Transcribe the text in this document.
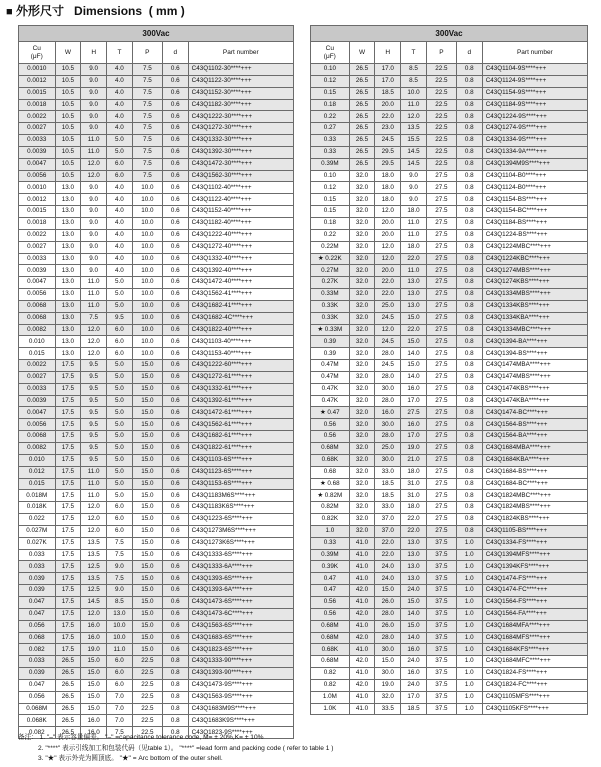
■ 外形尺寸 Dimensions  ( mm )
300Vac						
Cu
(μF)	W	H	T	P	d	Part number
0.0010	10.5	9.0	4.0	7.5	0.6	C43Q1102-30****+++
0.0012	10.5	9.0	4.0	7.5	0.6	C43Q1122-30****+++
0.0015	10.5	9.0	4.0	7.5	0.6	C43Q1152-30****+++
0.0018	10.5	9.0	4.0	7.5	0.6	C43Q1182-30****+++
0.0022	10.5	9.0	4.0	7.5	0.6	C43Q1222-30****+++
0.0027	10.5	9.0	4.0	7.5	0.6	C43Q1272-30****+++
0.0033	10.5	11.0	5.0	7.5	0.6	C43Q1332-30****+++
0.0039	10.5	11.0	5.0	7.5	0.6	C43Q1392-30****+++
0.0047	10.5	12.0	6.0	7.5	0.6	C43Q1472-30****+++
0.0056	10.5	12.0	6.0	7.5	0.6	C43Q1562-30****+++
0.0010	13.0	9.0	4.0	10.0	0.6	C43Q1102-40****+++
0.0012	13.0	9.0	4.0	10.0	0.6	C43Q1122-40****+++
0.0015	13.0	9.0	4.0	10.0	0.6	C43Q1152-40****+++
0.0018	13.0	9.0	4.0	10.0	0.6	C43Q1182-40****+++
0.0022	13.0	9.0	4.0	10.0	0.6	C43Q1222-40****+++
0.0027	13.0	9.0	4.0	10.0	0.6	C43Q1272-40****+++
0.0033	13.0	9.0	4.0	10.0	0.6	C43Q1332-40****+++
0.0039	13.0	9.0	4.0	10.0	0.6	C43Q1392-40****+++
0.0047	13.0	11.0	5.0	10.0	0.6	C43Q1472-40****+++
0.0056	13.0	11.0	5.0	10.0	0.6	C43Q1562-41****+++
0.0068	13.0	11.0	5.0	10.0	0.6	C43Q1682-41****+++
0.0068	13.0	7.5	9.5	10.0	0.6	C43Q1682-4C****+++
0.0082	13.0	12.0	6.0	10.0	0.6	C43Q1822-40****+++
0.010	13.0	12.0	6.0	10.0	0.6	C43Q1103-40****+++
0.015	13.0	12.0	6.0	10.0	0.6	C43Q1153-40****+++
0.0022	17.5	9.5	5.0	15.0	0.6	C43Q1222-60****+++
0.0027	17.5	9.5	5.0	15.0	0.6	C43Q1272-61****+++
0.0033	17.5	9.5	5.0	15.0	0.6	C43Q1332-61****+++
0.0039	17.5	9.5	5.0	15.0	0.6	C43Q1392-61****+++
0.0047	17.5	9.5	5.0	15.0	0.6	C43Q1472-61****+++
0.0056	17.5	9.5	5.0	15.0	0.6	C43Q1562-61****+++
0.0068	17.5	9.5	5.0	15.0	0.6	C43Q1682-61****+++
0.0082	17.5	9.5	5.0	15.0	0.6	C43Q1822-61****+++
0.010	17.5	9.5	5.0	15.0	0.6	C43Q1103-6S****+++
0.012	17.5	11.0	5.0	15.0	0.6	C43Q1123-6S****+++
0.015	17.5	11.0	5.0	15.0	0.6	C43Q1153-6S****+++
0.018M	17.5	11.0	5.0	15.0	0.6	C43Q1183M6S****+++
0.018K	17.5	12.0	6.0	15.0	0.6	C43Q1183K6S****+++
0.022	17.5	12.0	6.0	15.0	0.6	C43Q1223-6S****+++
0.027M	17.5	12.0	6.0	15.0	0.6	C43Q1273M6S****+++
0.027K	17.5	13.5	7.5	15.0	0.6	C43Q1273K6S****+++
0.033	17.5	13.5	7.5	15.0	0.6	C43Q1333-6S****+++
0.033	17.5	12.5	9.0	15.0	0.6	C43Q1333-6A****+++
0.039	17.5	13.5	7.5	15.0	0.6	C43Q1393-6S****+++
0.039	17.5	12.5	9.0	15.0	0.6	C43Q1393-6A****+++
0.047	17.5	14.5	8.5	15.0	0.6	C43Q1473-6S****+++
0.047	17.5	12.0	13.0	15.0	0.6	C43Q1473-6C****+++
0.056	17.5	16.0	10.0	15.0	0.6	C43Q1563-6S****+++
0.068	17.5	16.0	10.0	15.0	0.6	C43Q1683-6S****+++
0.082	17.5	19.0	11.0	15.0	0.6	C43Q1823-6S****+++
0.033	26.5	15.0	6.0	22.5	0.8	C43Q1333-90****+++
0.039	26.5	15.0	6.0	22.5	0.8	C43Q1393-90****+++
0.047	26.5	15.0	6.0	22.5	0.8	C43Q1473-9S****+++
0.056	26.5	15.0	7.0	22.5	0.8	C43Q1563-9S****+++
0.068M	26.5	15.0	7.0	22.5	0.8	C43Q1683M9S****+++
0.068K	26.5	16.0	7.0	22.5	0.8	C43Q1683K9S****+++
0.082	26.5	16.0	7.5	22.5	0.8	C43Q1823-9S****+++
300Vac						
Cu
(μF)	W	H	T	P	d	Part number
0.10	26.5	17.0	8.5	22.5	0.8	C43Q1104-9S****+++
0.12	26.5	17.0	8.5	22.5	0.8	C43Q1124-9S****+++
0.15	26.5	18.5	10.0	22.5	0.8	C43Q1154-9S****+++
0.18	26.5	20.0	11.0	22.5	0.8	C43Q1184-9S****+++
0.22	26.5	22.0	12.0	22.5	0.8	C43Q1224-9S****+++
0.27	26.5	23.0	13.5	22.5	0.8	C43Q1274-9S****+++
0.33	26.5	24.5	15.5	22.5	0.8	C43Q1334-9S****+++
0.33	26.5	29.5	14.5	22.5	0.8	C43Q1334-9A****+++
0.39M	26.5	29.5	14.5	22.5	0.8	C43Q1394M9S****+++
0.10	32.0	18.0	9.0	27.5	0.8	C43Q1104-B0****+++
0.12	32.0	18.0	9.0	27.5	0.8	C43Q1124-B0****+++
0.15	32.0	18.0	9.0	27.5	0.8	C43Q1154-BS****+++
0.15	32.0	12.0	18.0	27.5	0.8	C43Q1154-BC****+++
0.18	32.0	20.0	11.0	27.5	0.8	C43Q1184-BS****+++
0.22	32.0	20.0	11.0	27.5	0.8	C43Q1224-BS****+++
0.22M	32.0	12.0	18.0	27.5	0.8	C43Q1224MBC****+++
★ 0.22K	32.0	12.0	22.0	27.5	0.8	C43Q1224KBC****+++
0.27M	32.0	20.0	11.0	27.5	0.8	C43Q1274MBS****+++
0.27K	32.0	22.0	13.0	27.5	0.8	C43Q1274KBS****+++
0.33M	32.0	22.0	13.0	27.5	0.8	C43Q1334MBS****+++
0.33K	32.0	25.0	13.0	27.5	0.8	C43Q1334KBS****+++
0.33K	32.0	24.5	15.0	27.5	0.8	C43Q1334KBA****+++
★ 0.33M	32.0	12.0	22.0	27.5	0.8	C43Q1334MBC****+++
0.39	32.0	24.5	15.0	27.5	0.8	C43Q1394-BA****+++
0.39	32.0	28.0	14.0	27.5	0.8	C43Q1394-BS****+++
0.47M	32.0	24.5	15.0	27.5	0.8	C43Q1474MBA****+++
0.47M	32.0	28.0	14.0	27.5	0.8	C43Q1474MBS****+++
0.47K	32.0	30.0	16.0	27.5	0.8	C43Q1474KBS****+++
0.47K	32.0	28.0	17.0	27.5	0.8	C43Q1474KBA****+++
★ 0.47	32.0	16.0	27.5	27.5	0.8	C43Q1474-BC****+++
0.56	32.0	30.0	16.0	27.5	0.8	C43Q1564-BS****+++
0.56	32.0	28.0	17.0	27.5	0.8	C43Q1564-BA****+++
0.68M	32.0	25.0	19.0	27.5	0.8	C43Q1684MBA****+++
0.68K	32.0	30.0	21.0	27.5	0.8	C43Q1684KBA****+++
0.68	32.0	33.0	18.0	27.5	0.8	C43Q1684-BS****+++
★ 0.68	32.0	18.5	31.0	27.5	0.8	C43Q1684-BC****+++
★ 0.82M	32.0	18.5	31.0	27.5	0.8	C43Q1824MBC****+++
0.82M	32.0	33.0	18.0	27.5	0.8	C43Q1824MBS****+++
0.82K	32.0	37.0	22.0	27.5	0.8	C43Q1824KBS****+++
1.0	32.0	37.0	22.0	27.5	0.8	C43Q1105-BS****+++
0.33	41.0	22.0	13.0	37.5	1.0	C43Q1334-FS****+++
0.39M	41.0	22.0	13.0	37.5	1.0	C43Q1394MFS****+++
0.39K	41.0	24.0	13.0	37.5	1.0	C43Q1394KFS****+++
0.47	41.0	24.0	13.0	37.5	1.0	C43Q1474-FS****+++
0.47	42.0	15.0	24.0	37.5	1.0	C43Q1474-FC****+++
0.56	41.0	26.0	15.0	37.5	1.0	C43Q1564-FS****+++
0.56	42.0	28.0	14.0	37.5	1.0	C43Q1564-FA****+++
0.68M	41.0	26.0	15.0	37.5	1.0	C43Q1684MFA****+++
0.68M	42.0	28.0	14.0	37.5	1.0	C43Q1684MFS****+++
0.68K	41.0	30.0	16.0	37.5	1.0	C43Q1684KFS****+++
0.68M	42.0	15.0	24.0	37.5	1.0	C43Q1684MFC****+++
0.82	41.0	30.0	16.0	37.5	1.0	C43Q1824-FS****+++
0.82	42.0	19.0	24.0	37.5	1.0	C43Q1824-FC****+++
1.0M	41.0	32.0	17.0	37.5	1.0	C43Q1105MFS****+++
1.0K	41.0	33.5	18.5	37.5	1.0	C43Q1105KFS****+++
备注： 1. "–" 表示容量偏差。 "–" =capacitance tolerance code, M= ± 20%,K= ± 10%
2. "****" 表示引线加工和包装代码（见table 1）。 "****" =lead form and packing code ( refer to table 1 )
3. "★" 表示外壳为圆顶底。 "★" = Arc bottom of the outer shell.
